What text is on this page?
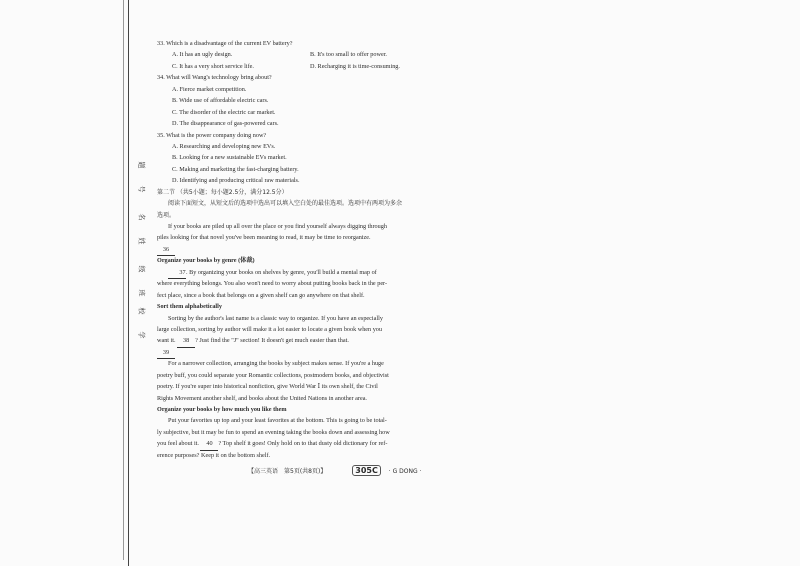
题
号
名
姓
级
班
校
学
33. Which is a disadvantage of the current EV battery?
A. It has an ugly design.	B. It's too small to offer power.
C. It has a very short service life.	D. Recharging it is time-consuming.
34. What will Wang's technology bring about?
A. Fierce market competition.
B. Wide use of affordable electric cars.
C. The disorder of the electric car market.
D. The disappearance of gas-powered cars.
35. What is the power company doing now?
A. Researching and developing new EVs.
B. Looking for a new sustainable EVs market.
C. Making and marketing the fast-charging battery.
D. Identifying and producing critical raw materials.
第二节 （共5小题；每小题2.5分，满分12.5分）
阅读下面短文，从短文后的选项中选出可以填入空白处的最佳选项。选项中有两项为多余
选项。
If your books are piled up all over the place or you find yourself always digging through
piles looking for that novel you've been meaning to read, it may be time to reorganize.
36
Organize your books by genre (体裁)
37. By organizing your books on shelves by genre, you'll build a mental map of
where everything belongs. You also won't need to worry about putting books back in the per-
fect place, since a book that belongs on a given shelf can go anywhere on that shelf.
Sort them alphabetically
Sorting by the author's last name is a classic way to organize. If you have an especially
large collection, sorting by author will make it a lot easier to locate a given book when you
want it. 38 ? Just find the "J" section! It doesn't get much easier than that.
39
For a narrower collection, arranging the books by subject makes sense. If you're a huge
poetry buff, you could separate your Romantic collections, postmodern books, and objectivist
poetry. If you're super into historical nonfiction, give World War Ⅰ its own shelf, the Civil
Rights Movement another shelf, and books about the United Nations in another area.
Organize your books by how much you like them
Put your favorites up top and your least favorites at the bottom. This is going to be total-
ly subjective, but it may be fun to spend an evening taking the books down and assessing how
you feel about it. 40 ? Top shelf it goes! Only hold on to that dusty old dictionary for ref-
erence purposes? Keep it on the bottom shelf.
【高三英语　第5页(共8页)】	305C · G DONG ·
